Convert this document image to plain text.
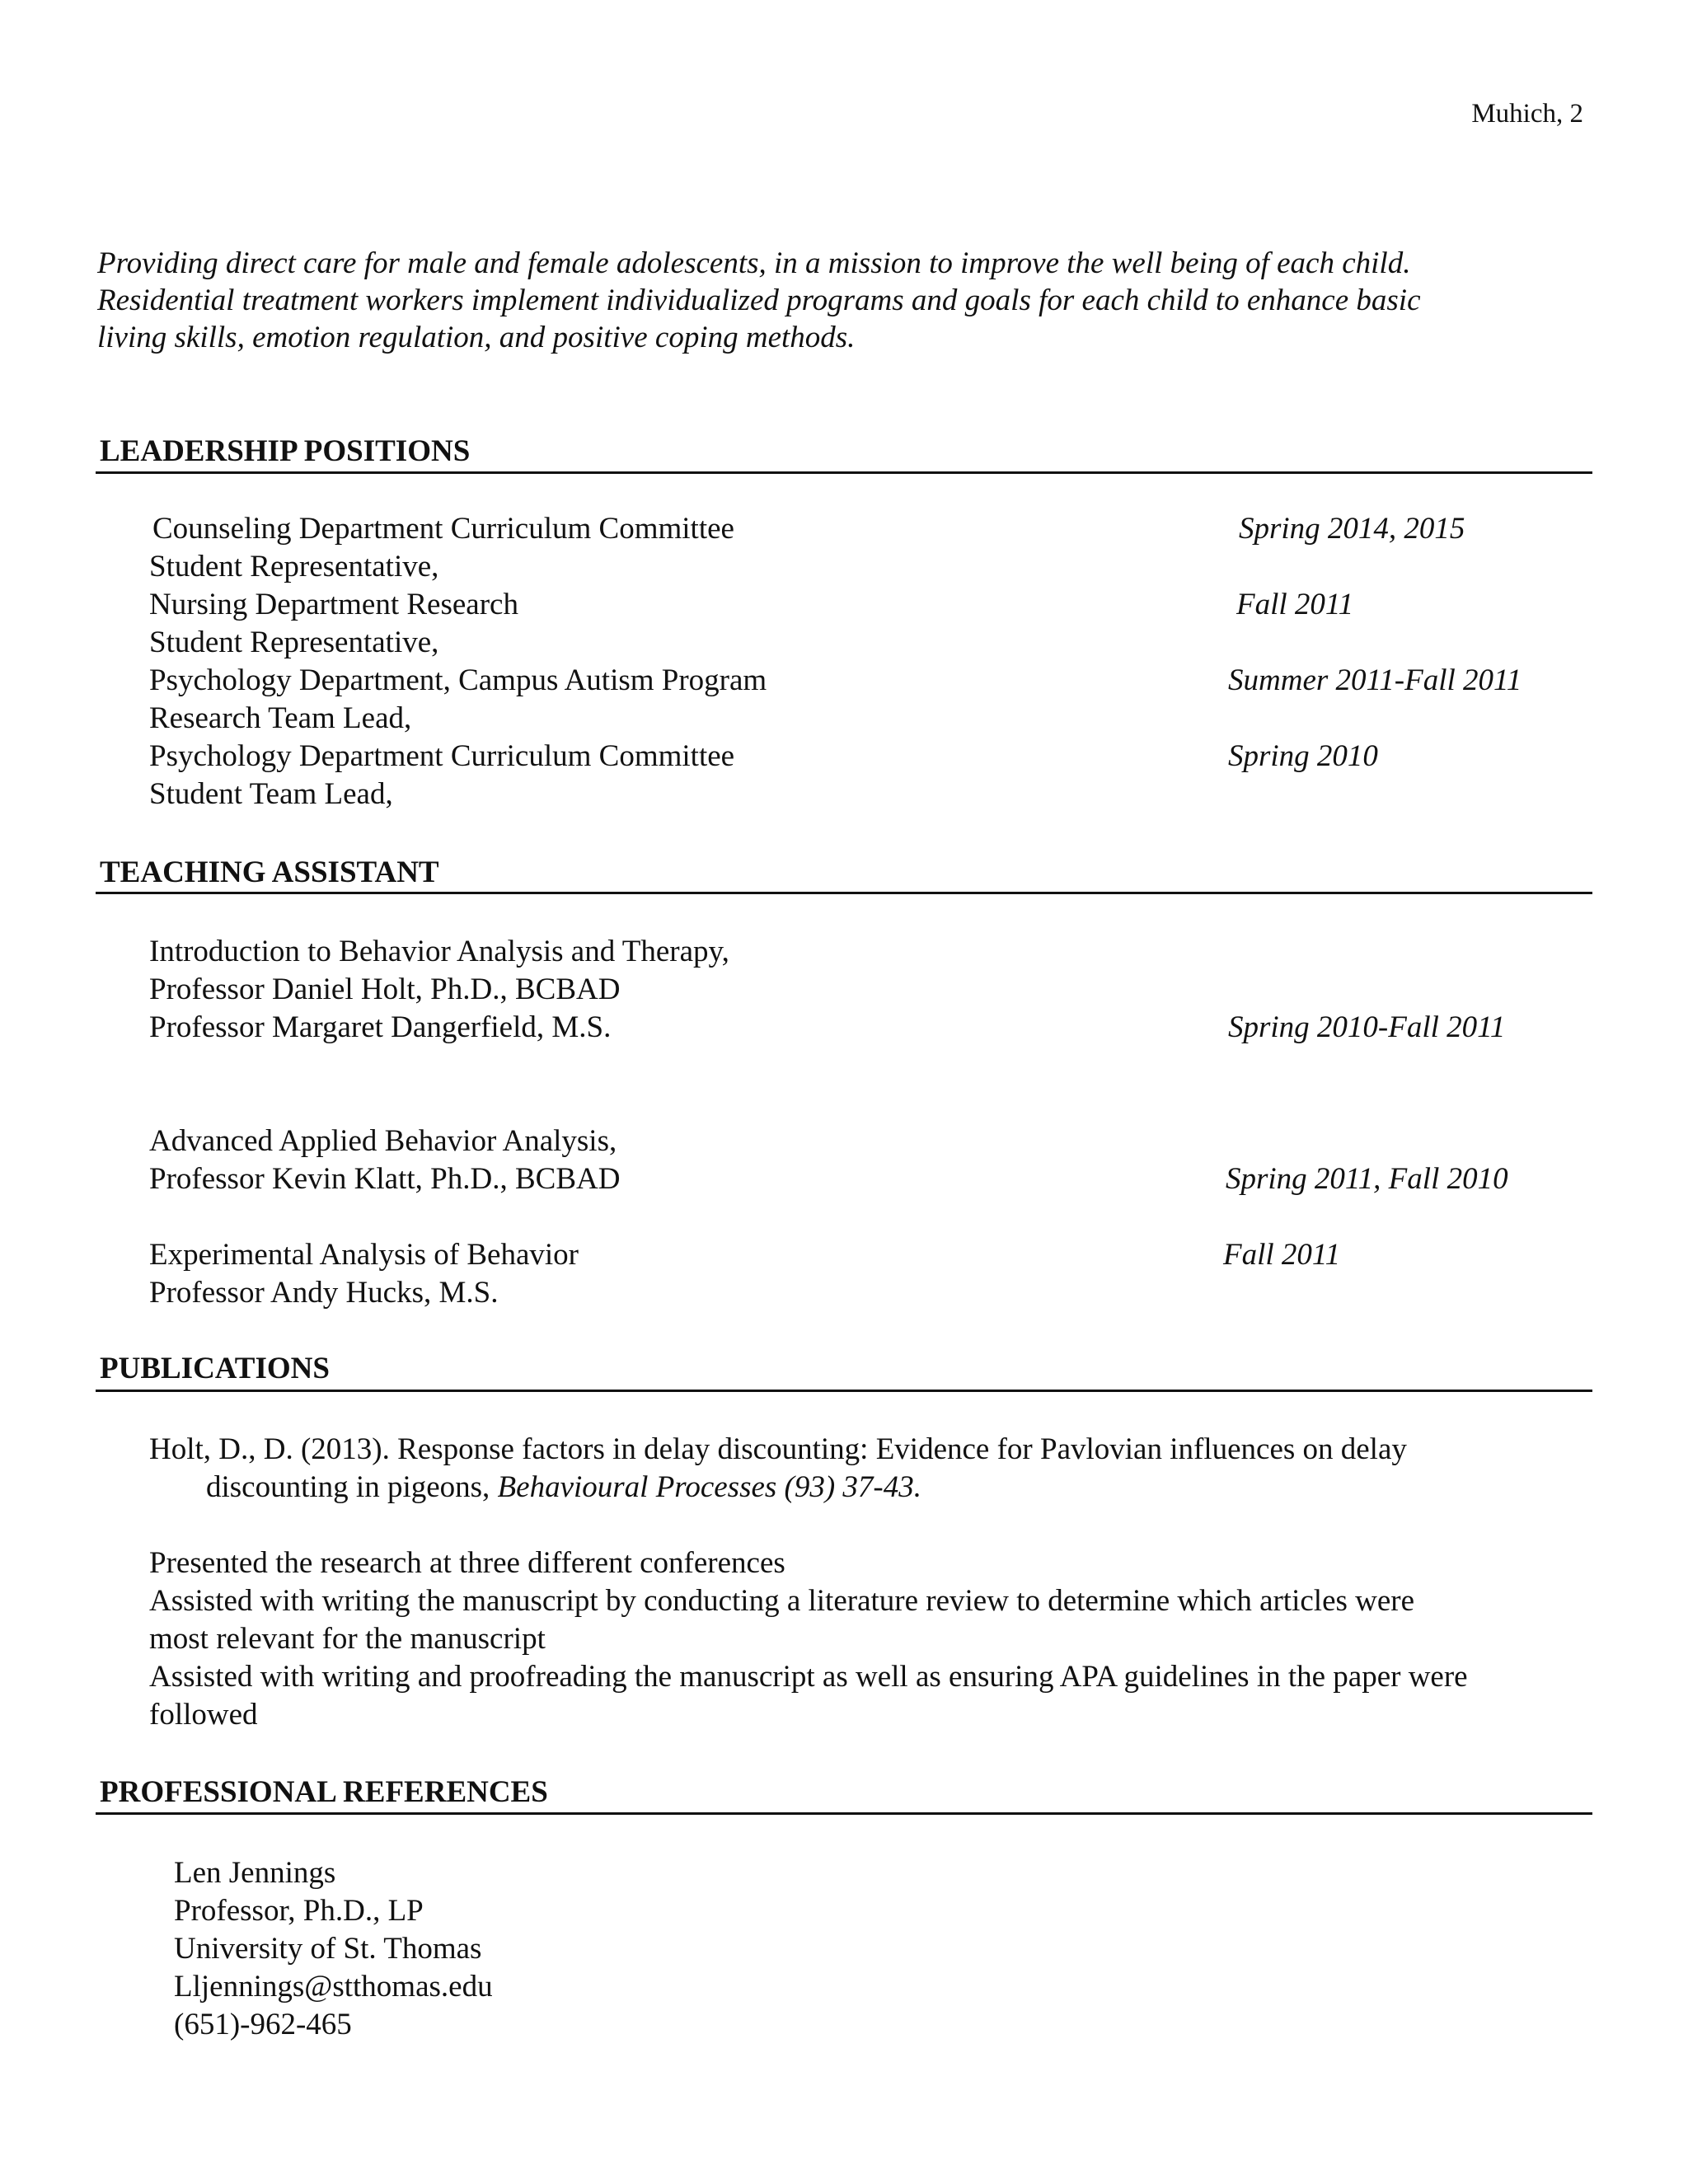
Muhich, 2
Providing direct care for male and female adolescents, in a mission to improve the well being of each child.
Residential treatment workers implement individualized programs and goals for each child to enhance basic
living skills, emotion regulation, and positive coping methods.
LEADERSHIP POSITIONS
Counseling Department Curriculum Committee	Spring 2014, 2015
Student Representative,
Nursing Department Research	Fall 2011
Student Representative,
Psychology Department, Campus Autism Program	Summer 2011-Fall 2011
Research Team Lead,
Psychology Department Curriculum Committee	Spring 2010
Student Team Lead,
TEACHING ASSISTANT
Introduction to Behavior Analysis and Therapy,
Professor Daniel Holt, Ph.D., BCBAD
Professor Margaret Dangerfield, M.S.	Spring 2010-Fall 2011
Advanced Applied Behavior Analysis,
Professor Kevin Klatt, Ph.D., BCBAD	Spring 2011, Fall 2010
Experimental Analysis of Behavior	Fall 2011
Professor Andy Hucks, M.S.
PUBLICATIONS
Holt, D., D. (2013). Response factors in delay discounting: Evidence for Pavlovian influences on delay
discounting in pigeons, Behavioural Processes (93) 37-43.
Presented the research at three different conferences
Assisted with writing the manuscript by conducting a literature review to determine which articles were
most relevant for the manuscript
Assisted with writing and proofreading the manuscript as well as ensuring APA guidelines in the paper were
followed
PROFESSIONAL REFERENCES
Len Jennings
Professor, Ph.D., LP
University of St. Thomas
Lljennings@stthomas.edu
(651)-962-465
